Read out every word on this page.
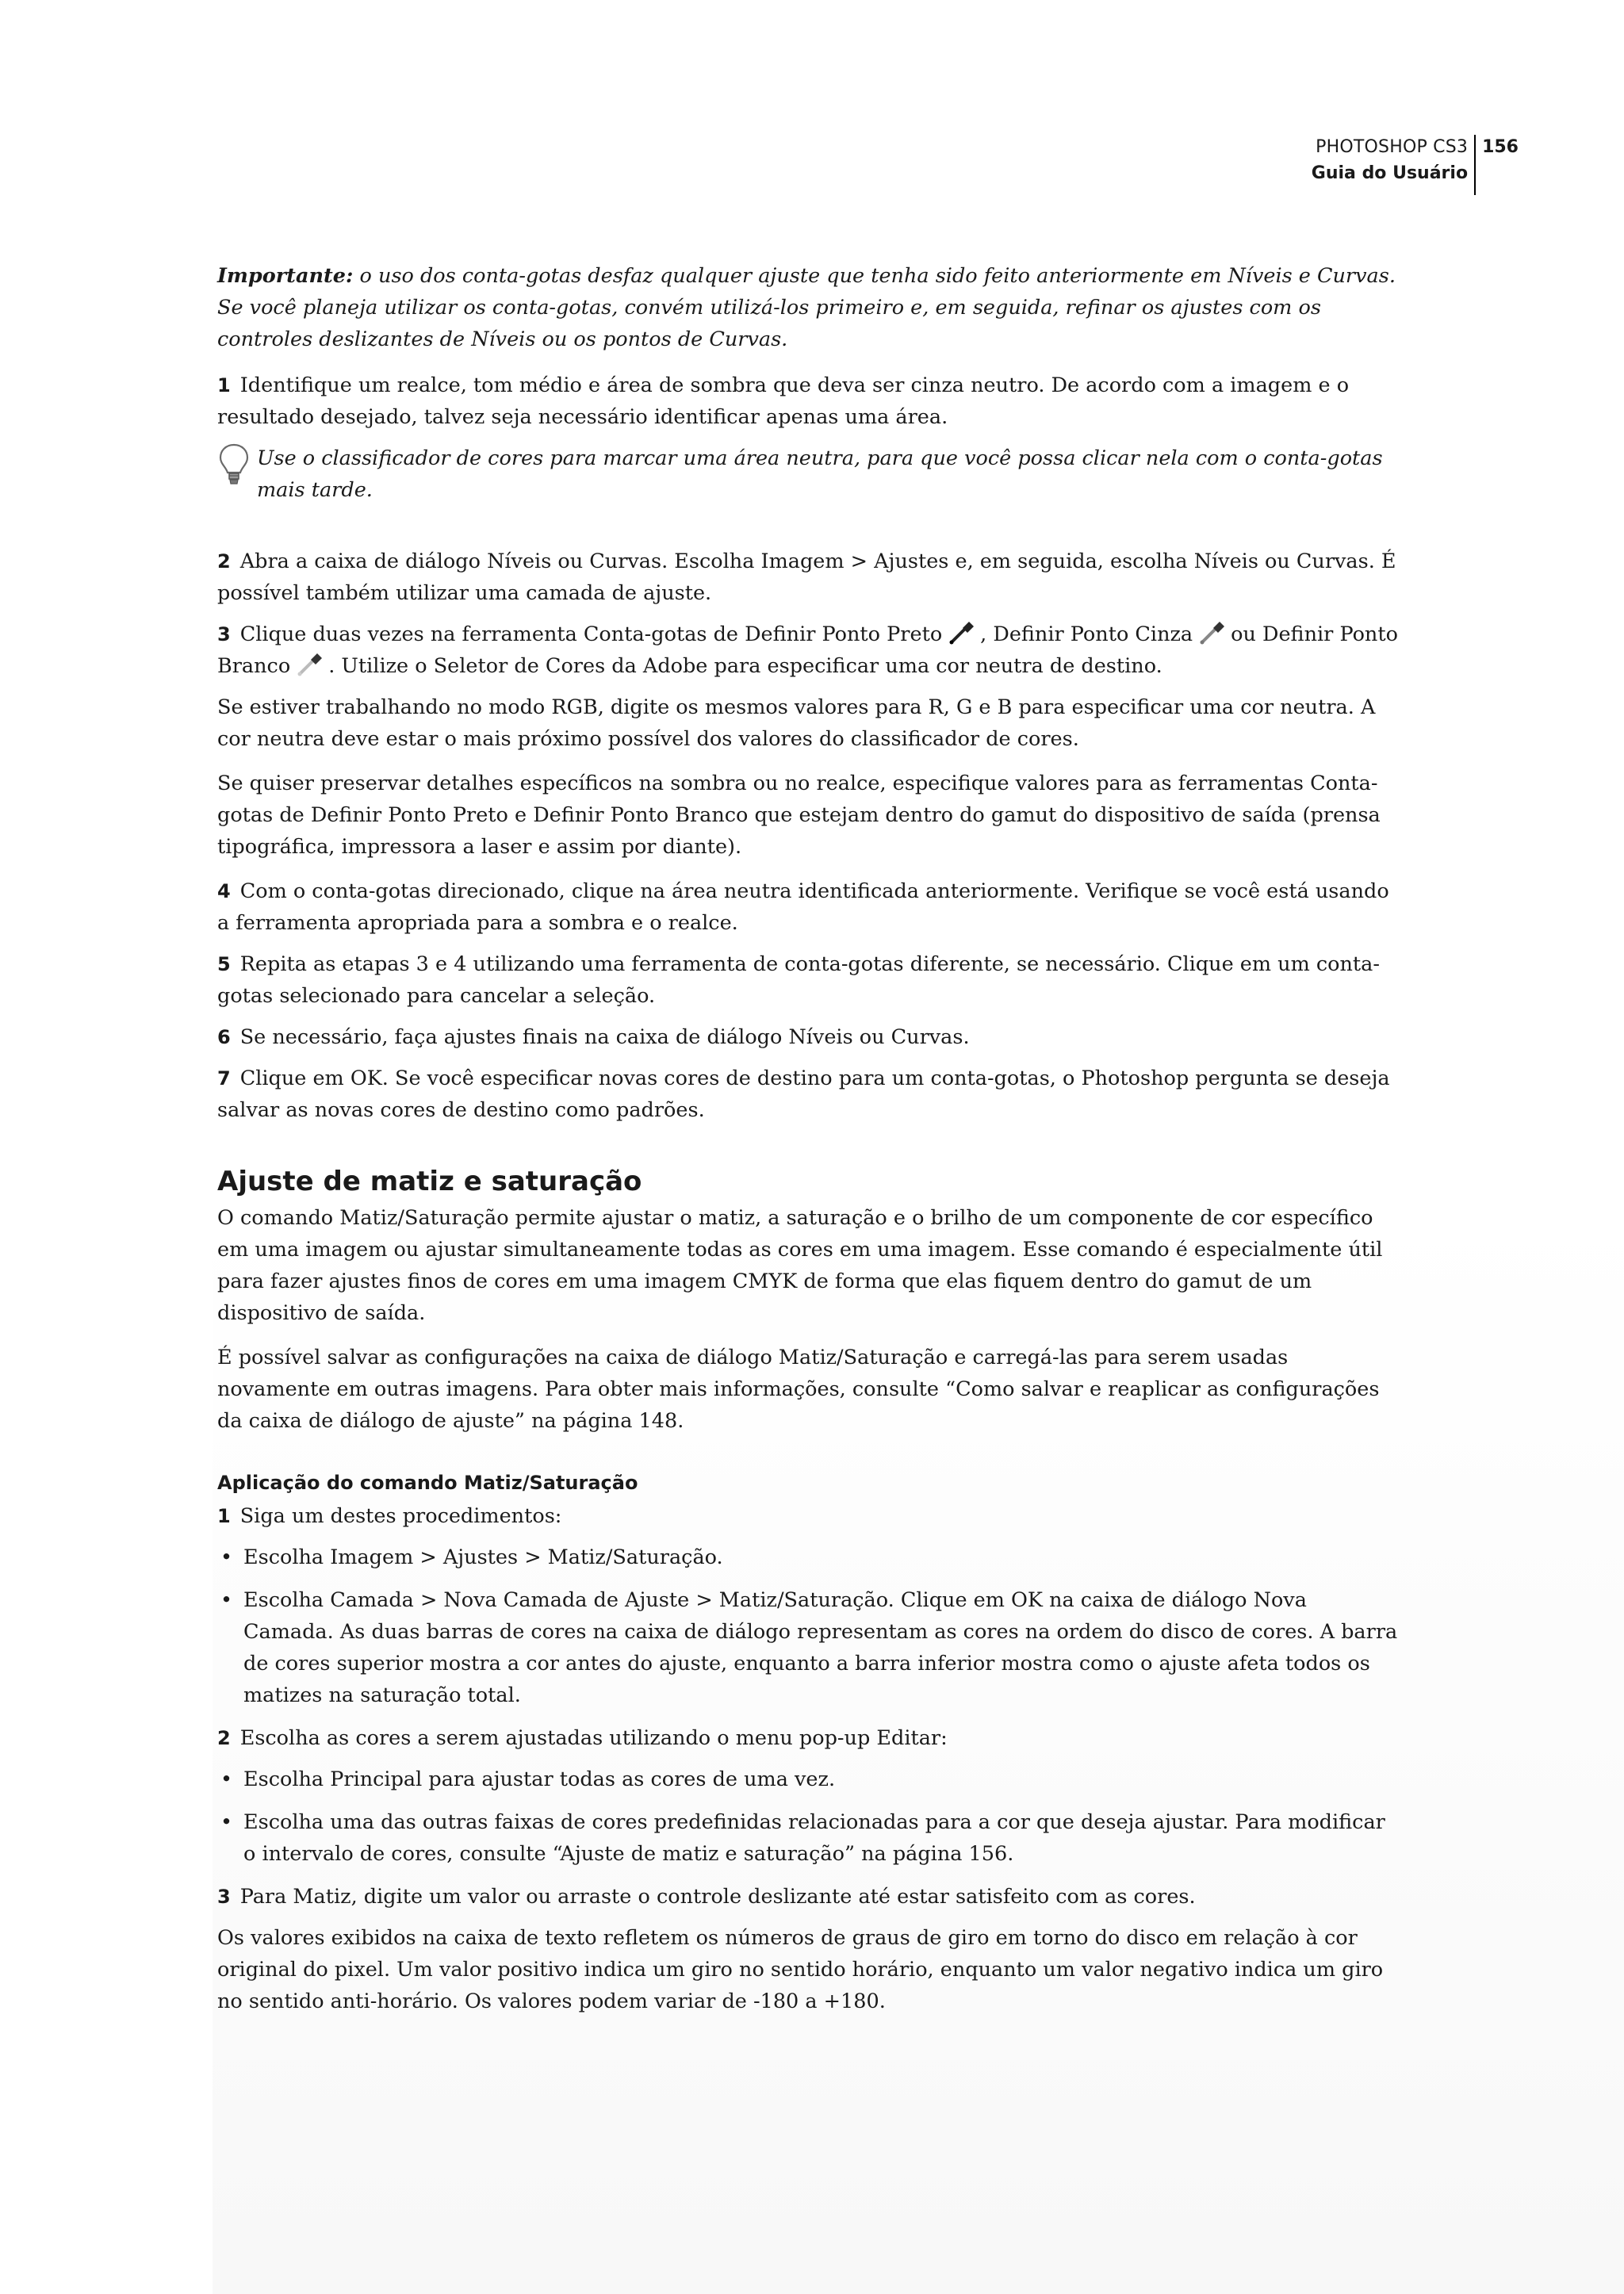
PHOTOSHOP CS3
Guia do Usuário
156

Importante: o uso dos conta-gotas desfaz qualquer ajuste que tenha sido feito anteriormente em Níveis e Curvas. Se você planeja utilizar os conta-gotas, convém utilizá-los primeiro e, em seguida, refinar os ajustes com os controles deslizantes de Níveis ou os pontos de Curvas.

1 Identifique um realce, tom médio e área de sombra que deva ser cinza neutro. De acordo com a imagem e o resultado desejado, talvez seja necessário identificar apenas uma área.

Use o classificador de cores para marcar uma área neutra, para que você possa clicar nela com o conta-gotas mais tarde.

2 Abra a caixa de diálogo Níveis ou Curvas. Escolha Imagem > Ajustes e, em seguida, escolha Níveis ou Curvas. É possível também utilizar uma camada de ajuste.

3 Clique duas vezes na ferramenta Conta-gotas de Definir Ponto Preto , Definir Ponto Cinza ou Definir Ponto Branco . Utilize o Seletor de Cores da Adobe para especificar uma cor neutra de destino.

Se estiver trabalhando no modo RGB, digite os mesmos valores para R, G e B para especificar uma cor neutra. A cor neutra deve estar o mais próximo possível dos valores do classificador de cores.

Se quiser preservar detalhes específicos na sombra ou no realce, especifique valores para as ferramentas Conta-gotas de Definir Ponto Preto e Definir Ponto Branco que estejam dentro do gamut do dispositivo de saída (prensa tipográfica, impressora a laser e assim por diante).

4 Com o conta-gotas direcionado, clique na área neutra identificada anteriormente. Verifique se você está usando a ferramenta apropriada para a sombra e o realce.

5 Repita as etapas 3 e 4 utilizando uma ferramenta de conta-gotas diferente, se necessário. Clique em um conta-gotas selecionado para cancelar a seleção.

6 Se necessário, faça ajustes finais na caixa de diálogo Níveis ou Curvas.

7 Clique em OK. Se você especificar novas cores de destino para um conta-gotas, o Photoshop pergunta se deseja salvar as novas cores de destino como padrões.

Ajuste de matiz e saturação

O comando Matiz/Saturação permite ajustar o matiz, a saturação e o brilho de um componente de cor específico em uma imagem ou ajustar simultaneamente todas as cores em uma imagem. Esse comando é especialmente útil para fazer ajustes finos de cores em uma imagem CMYK de forma que elas fiquem dentro do gamut de um dispositivo de saída.

É possível salvar as configurações na caixa de diálogo Matiz/Saturação e carregá-las para serem usadas novamente em outras imagens. Para obter mais informações, consulte “Como salvar e reaplicar as configurações da caixa de diálogo de ajuste” na página 148.

Aplicação do comando Matiz/Saturação

1 Siga um destes procedimentos:

• Escolha Imagem > Ajustes > Matiz/Saturação.

• Escolha Camada > Nova Camada de Ajuste > Matiz/Saturação. Clique em OK na caixa de diálogo Nova Camada. As duas barras de cores na caixa de diálogo representam as cores na ordem do disco de cores. A barra de cores superior mostra a cor antes do ajuste, enquanto a barra inferior mostra como o ajuste afeta todos os matizes na saturação total.

2 Escolha as cores a serem ajustadas utilizando o menu pop-up Editar:

• Escolha Principal para ajustar todas as cores de uma vez.

• Escolha uma das outras faixas de cores predefinidas relacionadas para a cor que deseja ajustar. Para modificar o intervalo de cores, consulte “Ajuste de matiz e saturação” na página 156.

3 Para Matiz, digite um valor ou arraste o controle deslizante até estar satisfeito com as cores.

Os valores exibidos na caixa de texto refletem os números de graus de giro em torno do disco em relação à cor original do pixel. Um valor positivo indica um giro no sentido horário, enquanto um valor negativo indica um giro no sentido anti-horário. Os valores podem variar de -180 a +180.
